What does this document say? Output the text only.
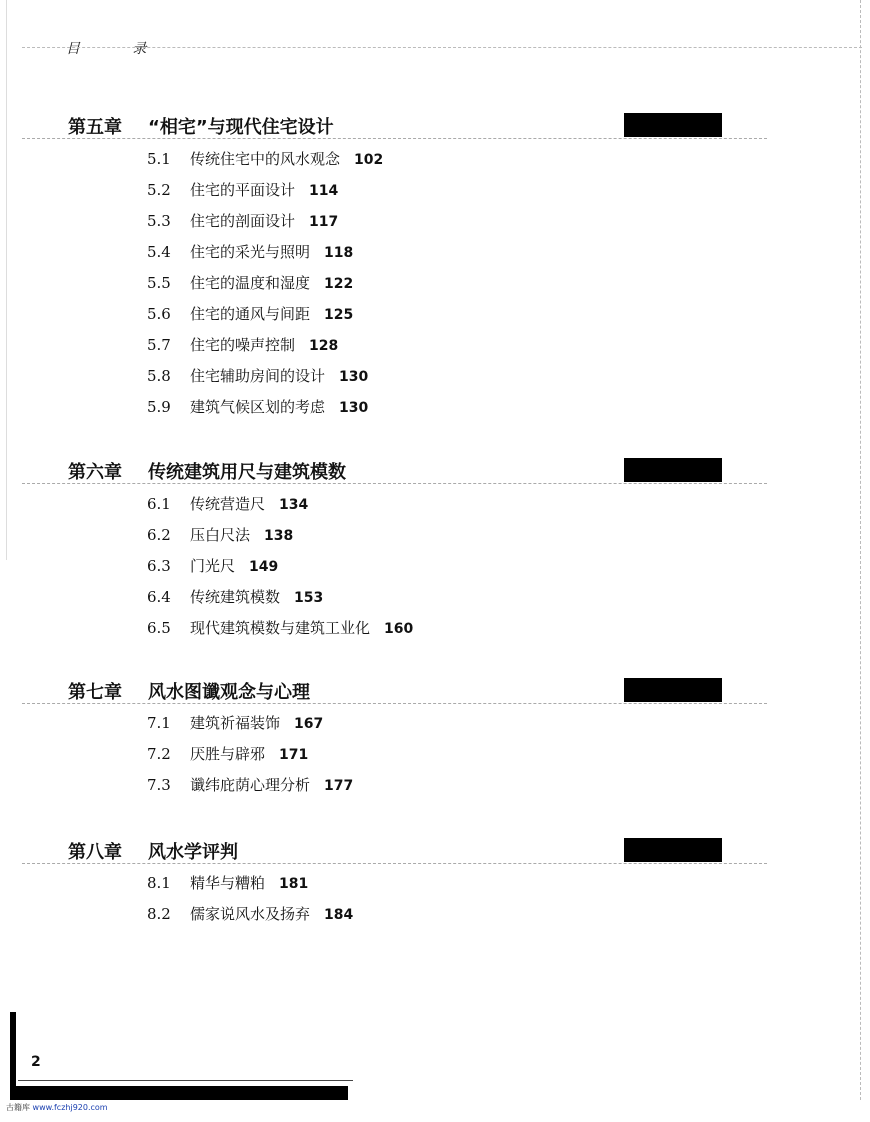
目 录
第五章 “相宅”与现代住宅设计
5.1 传统住宅中的风水观念 102
5.2 住宅的平面设计 114
5.3 住宅的剖面设计 117
5.4 住宅的采光与照明 118
5.5 住宅的温度和湿度 122
5.6 住宅的通风与间距 125
5.7 住宅的噪声控制 128
5.8 住宅辅助房间的设计 130
5.9 建筑气候区划的考虑 130
第六章 传统建筑用尺与建筑模数
6.1 传统营造尺 134
6.2 压白尺法 138
6.3 门光尺 149
6.4 传统建筑模数 153
6.5 现代建筑模数与建筑工业化 160
第七章 风水图谶观念与心理
7.1 建筑祈福装饰 167
7.2 厌胜与辟邪 171
7.3 谶纬庇荫心理分析 177
第八章 风水学评判
8.1 精华与糟粕 181
8.2 儒家说风水及扬弃 184
2
古籍库 www.fczhj920.com
